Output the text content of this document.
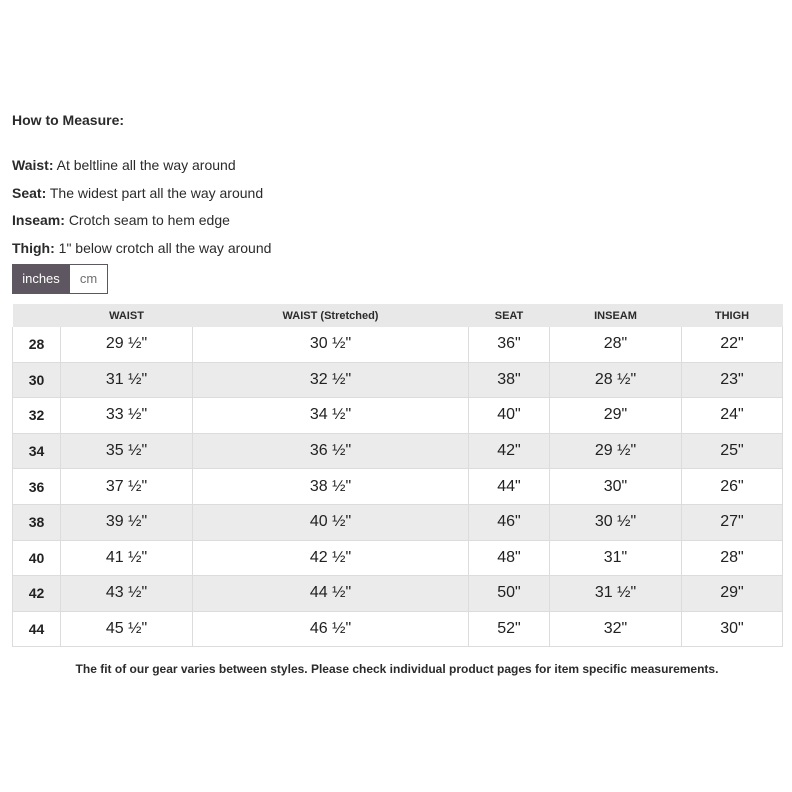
How to Measure:
Waist: At beltline all the way around
Seat: The widest part all the way around
Inseam: Crotch seam to hem edge
Thigh: 1" below crotch all the way around
inches	cm
	WAIST	WAIST (Stretched)	SEAT	INSEAM	THIGH
28	29 ½"	30 ½"	36"	28"	22"
30	31 ½"	32 ½"	38"	28 ½"	23"
32	33 ½"	34 ½"	40"	29"	24"
34	35 ½"	36 ½"	42"	29 ½"	25"
36	37 ½"	38 ½"	44"	30"	26"
38	39 ½"	40 ½"	46"	30 ½"	27"
40	41 ½"	42 ½"	48"	31"	28"
42	43 ½"	44 ½"	50"	31 ½"	29"
44	45 ½"	46 ½"	52"	32"	30"
The fit of our gear varies between styles. Please check individual product pages for item specific measurements.
